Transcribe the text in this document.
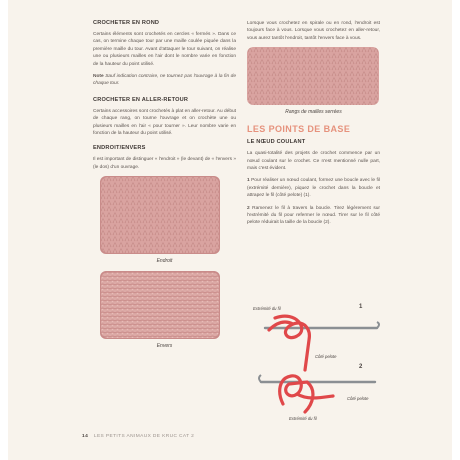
CROCHETER EN ROND

Certains éléments sont crochetés en cercles « fermés ». Dans ce cas, on termine chaque tour par une maille coulée piquée dans la première maille du tour. Avant d'attaquer le tour suivant, on réalise une ou plusieurs mailles en l'air dont le nombre varie en fonction de la hauteur du point utilisé.

Note Sauf indication contraire, ne tournez pas l'ouvrage à la fin de chaque tour.

CROCHETER EN ALLER-RETOUR

Certains accessoires sont crochetés à plat en aller-retour. Au début de chaque rang, on tourne l'ouvrage et on crochète une ou plusieurs mailles en l'air « pour tourner ». Leur nombre varie en fonction de la hauteur du point utilisé.

ENDROIT/ENVERS

Il est important de distinguer « l'endroit » (le devant) de « l'envers » (le dos) d'un ouvrage.

Endroit
Envers

Lorsque vous crochetez en spirale ou en rond, l'endroit est toujours face à vous. Lorsque vous crochetez en aller-retour, vous aurez tantôt l'endroit, tantôt l'envers face à vous.

Rangs de mailles serrées
LES POINTS DE BASE
LE NŒUD COULANT

La quasi-totalité des projets de crochet commence par un nœud coulant sur le crochet. Ce n'est mentionné nulle part, mais c'est évident.

1 Pour réaliser un nœud coulant, formez une boucle avec le fil (extrémité dernière), piquez le crochet dans la boucle et attrapez le fil (côté pelote) (1).

2 Ramenez le fil à travers la boucle. Tirez légèrement sur l'extrémité du fil pour refermer le nœud. Tirer sur le fil côté pelote réduirait la taille de la boucle (2).

Extrémité du fil
Côté pelote
1
Côté pelote
Extrémité du fil
2
14 LES PETITS ANIMAUX DE KRUC CAT 2
